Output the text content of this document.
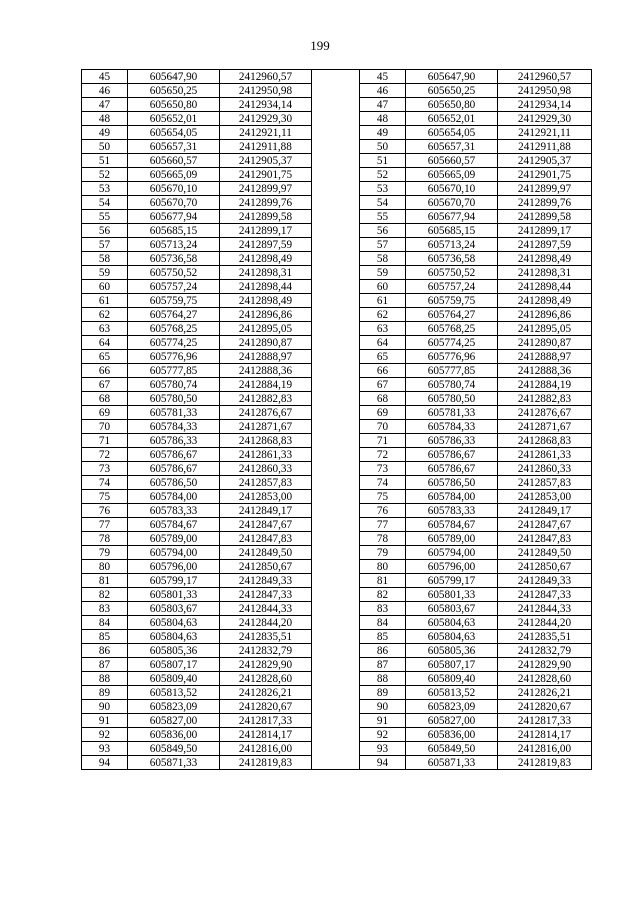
199
45	605647,90	2412960,57		45	605647,90	2412960,57
46	605650,25	2412950,98		46	605650,25	2412950,98
47	605650,80	2412934,14		47	605650,80	2412934,14
48	605652,01	2412929,30		48	605652,01	2412929,30
49	605654,05	2412921,11		49	605654,05	2412921,11
50	605657,31	2412911,88		50	605657,31	2412911,88
51	605660,57	2412905,37		51	605660,57	2412905,37
52	605665,09	2412901,75		52	605665,09	2412901,75
53	605670,10	2412899,97		53	605670,10	2412899,97
54	605670,70	2412899,76		54	605670,70	2412899,76
55	605677,94	2412899,58		55	605677,94	2412899,58
56	605685,15	2412899,17		56	605685,15	2412899,17
57	605713,24	2412897,59		57	605713,24	2412897,59
58	605736,58	2412898,49		58	605736,58	2412898,49
59	605750,52	2412898,31		59	605750,52	2412898,31
60	605757,24	2412898,44		60	605757,24	2412898,44
61	605759,75	2412898,49		61	605759,75	2412898,49
62	605764,27	2412896,86		62	605764,27	2412896,86
63	605768,25	2412895,05		63	605768,25	2412895,05
64	605774,25	2412890,87		64	605774,25	2412890,87
65	605776,96	2412888,97		65	605776,96	2412888,97
66	605777,85	2412888,36		66	605777,85	2412888,36
67	605780,74	2412884,19		67	605780,74	2412884,19
68	605780,50	2412882,83		68	605780,50	2412882,83
69	605781,33	2412876,67		69	605781,33	2412876,67
70	605784,33	2412871,67		70	605784,33	2412871,67
71	605786,33	2412868,83		71	605786,33	2412868,83
72	605786,67	2412861,33		72	605786,67	2412861,33
73	605786,67	2412860,33		73	605786,67	2412860,33
74	605786,50	2412857,83		74	605786,50	2412857,83
75	605784,00	2412853,00		75	605784,00	2412853,00
76	605783,33	2412849,17		76	605783,33	2412849,17
77	605784,67	2412847,67		77	605784,67	2412847,67
78	605789,00	2412847,83		78	605789,00	2412847,83
79	605794,00	2412849,50		79	605794,00	2412849,50
80	605796,00	2412850,67		80	605796,00	2412850,67
81	605799,17	2412849,33		81	605799,17	2412849,33
82	605801,33	2412847,33		82	605801,33	2412847,33
83	605803,67	2412844,33		83	605803,67	2412844,33
84	605804,63	2412844,20		84	605804,63	2412844,20
85	605804,63	2412835,51		85	605804,63	2412835,51
86	605805,36	2412832,79		86	605805,36	2412832,79
87	605807,17	2412829,90		87	605807,17	2412829,90
88	605809,40	2412828,60		88	605809,40	2412828,60
89	605813,52	2412826,21		89	605813,52	2412826,21
90	605823,09	2412820,67		90	605823,09	2412820,67
91	605827,00	2412817,33		91	605827,00	2412817,33
92	605836,00	2412814,17		92	605836,00	2412814,17
93	605849,50	2412816,00		93	605849,50	2412816,00
94	605871,33	2412819,83		94	605871,33	2412819,83
